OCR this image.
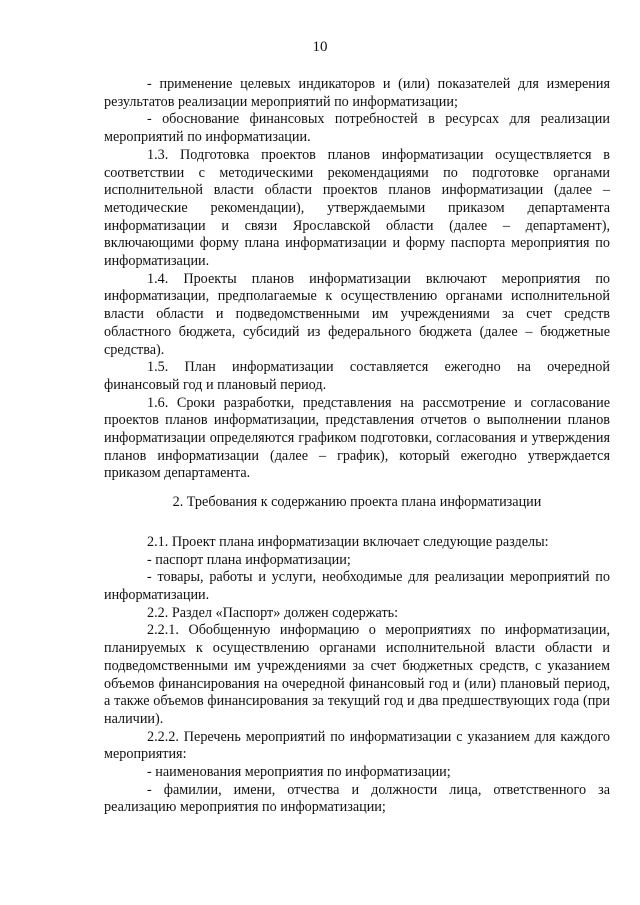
10

- применение целевых индикаторов и (или) показателей для измерения результатов реализации мероприятий по информатизации;

- обоснование финансовых потребностей в ресурсах для реализации мероприятий по информатизации.

1.3. Подготовка проектов планов информатизации осуществляется в соответствии с методическими рекомендациями по подготовке органами исполнительной власти области проектов планов информатизации (далее – методические рекомендации), утверждаемыми приказом департамента информатизации и связи Ярославской области (далее – департамент), включающими форму плана информатизации и форму паспорта мероприятия по информатизации.

1.4. Проекты планов информатизации включают мероприятия по информатизации, предполагаемые к осуществлению органами исполнительной власти области и подведомственными им учреждениями за счет средств областного бюджета, субсидий из федерального бюджета (далее – бюджетные средства).

1.5. План информатизации составляется ежегодно на очередной финансовый год и плановый период.

1.6. Сроки разработки, представления на рассмотрение и согласование проектов планов информатизации, представления отчетов о выполнении планов информатизации определяются графиком подготовки, согласования и утверждения планов информатизации (далее – график), который ежегодно утверждается приказом департамента.

2. Требования к содержанию проекта плана информатизации

2.1. Проект плана информатизации включает следующие разделы:

- паспорт плана информатизации;

- товары, работы и услуги, необходимые для реализации мероприятий по информатизации.

2.2. Раздел «Паспорт» должен содержать:

2.2.1. Обобщенную информацию о мероприятиях по информатизации, планируемых к осуществлению органами исполнительной власти области и подведомственными им учреждениями за счет бюджетных средств, с указанием объемов финансирования на очередной финансовый год и (или) плановый период, а также объемов финансирования за текущий год и два предшествующих года (при наличии).

2.2.2. Перечень мероприятий по информатизации с указанием для каждого мероприятия:

- наименования мероприятия по информатизации;

- фамилии, имени, отчества и должности лица, ответственного за реализацию мероприятия по информатизации;
